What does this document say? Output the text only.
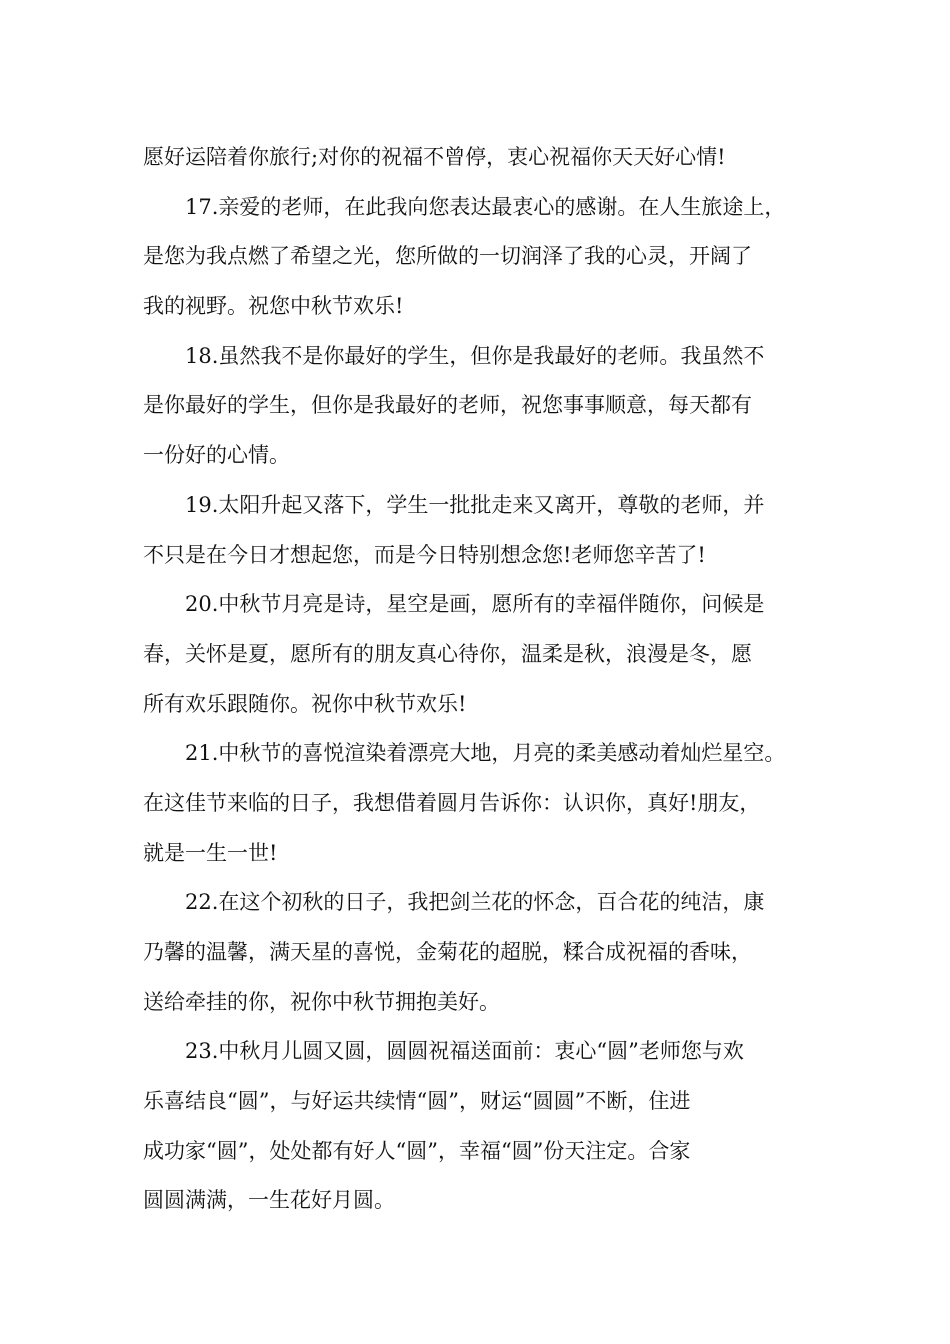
愿好运陪着你旅行;对你的祝福不曾停，衷心祝福你天天好心情!

17.亲爱的老师，在此我向您表达最衷心的感谢。在人生旅途上，
是您为我点燃了希望之光，您所做的一切润泽了我的心灵，开阔了
我的视野。祝您中秋节欢乐!

18.虽然我不是你最好的学生，但你是我最好的老师。我虽然不
是你最好的学生，但你是我最好的老师，祝您事事顺意，每天都有
一份好的心情。

19.太阳升起又落下，学生一批批走来又离开，尊敬的老师，并
不只是在今日才想起您，而是今日特别想念您!老师您辛苦了!

20.中秋节月亮是诗，星空是画，愿所有的幸福伴随你，问候是
春，关怀是夏，愿所有的朋友真心待你，温柔是秋，浪漫是冬，愿
所有欢乐跟随你。祝你中秋节欢乐!

21.中秋节的喜悦渲染着漂亮大地，月亮的柔美感动着灿烂星空。
在这佳节来临的日子，我想借着圆月告诉你：认识你，真好!朋友，
就是一生一世!

22.在这个初秋的日子，我把剑兰花的怀念，百合花的纯洁，康
乃馨的温馨，满天星的喜悦，金菊花的超脱，糅合成祝福的香味，
送给牵挂的你，祝你中秋节拥抱美好。

23.中秋月儿圆又圆，圆圆祝福送面前：衷心“圆”老师您与欢
乐喜结良“圆”，与好运共续情“圆”，财运“圆圆”不断，住进
成功家“圆”，处处都有好人“圆”，幸福“圆”份天注定。合家
圆圆满满，一生花好月圆。
